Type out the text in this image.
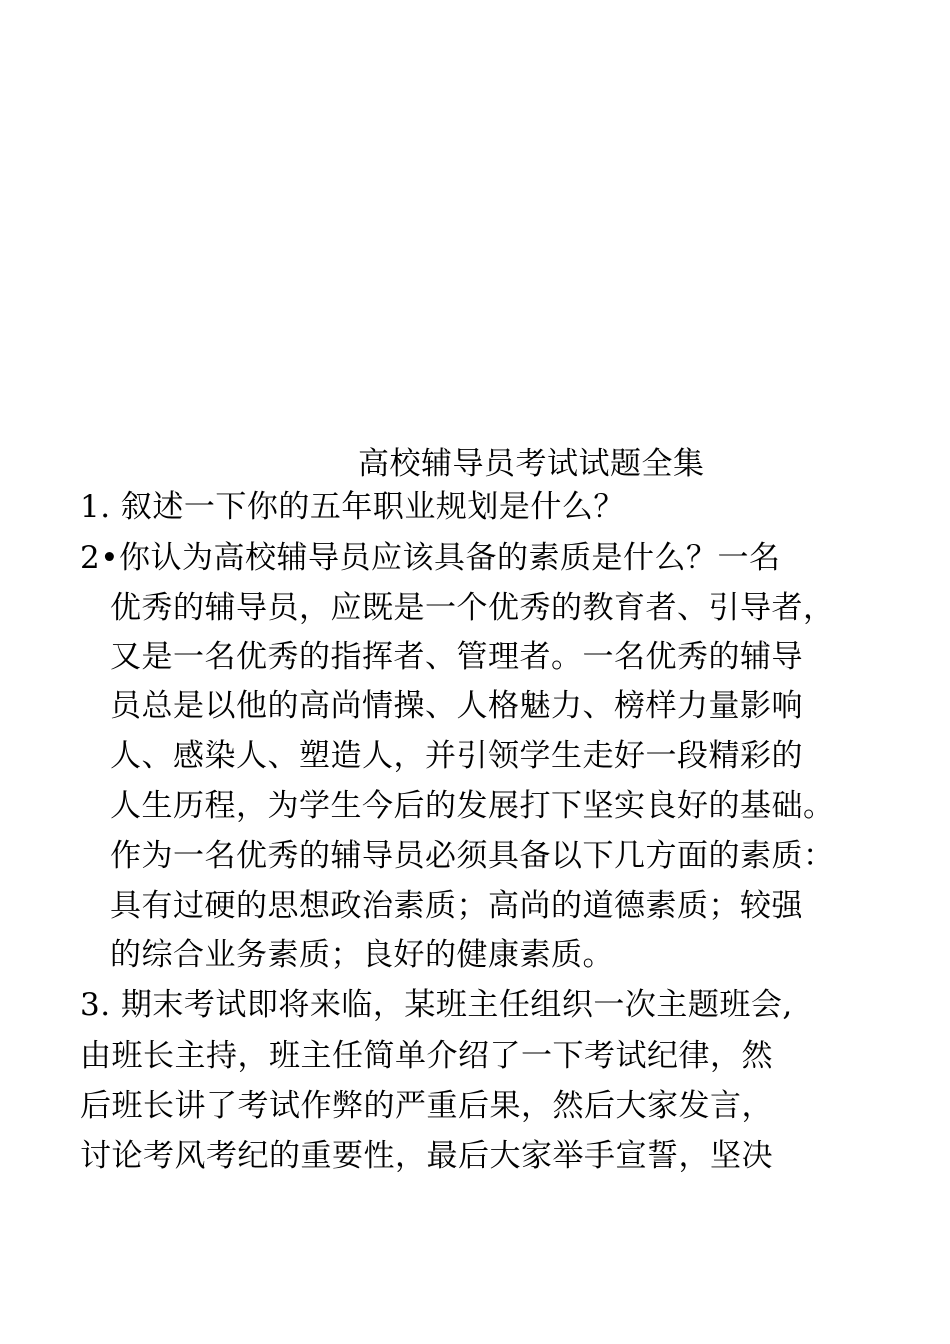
高校辅导员考试试题全集
1. 叙述一下你的五年职业规划是什么？
2•你认为高校辅导员应该具备的素质是什么？一名
优秀的辅导员，应既是一个优秀的教育者、引导者，
又是一名优秀的指挥者、管理者。一名优秀的辅导
员总是以他的高尚情操、人格魅力、榜样力量影响
人、感染人、塑造人，并引领学生走好一段精彩的
人生历程，为学生今后的发展打下坚实良好的基础。
作为一名优秀的辅导员必须具备以下几方面的素质：
具有过硬的思想政治素质；高尚的道德素质；较强
的综合业务素质；良好的健康素质。
3. 期末考试即将来临，某班主任组织一次主题班会,
由班长主持，班主任简单介绍了一下考试纪律，然
后班长讲了考试作弊的严重后果，然后大家发言，
讨论考风考纪的重要性，最后大家举手宣誓，坚决
